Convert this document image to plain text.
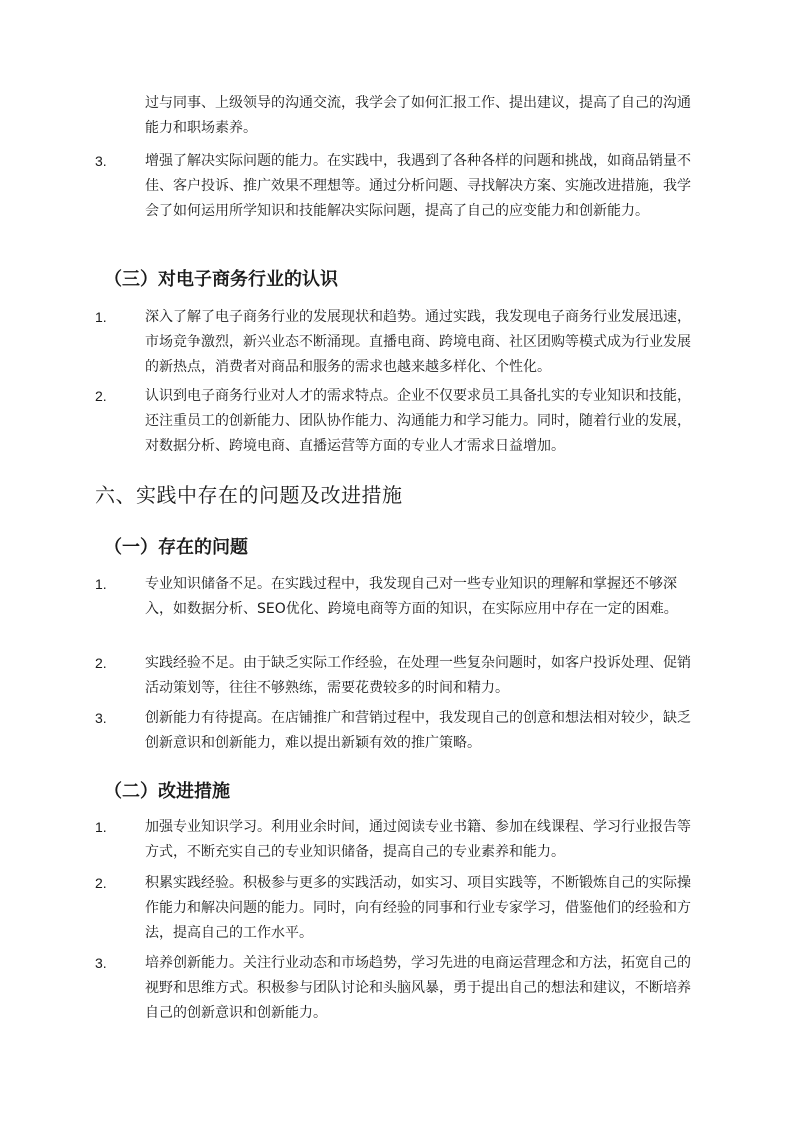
过与同事、上级领导的沟通交流，我学会了如何汇报工作、提出建议，提高了自己的沟通能力和职场素养。

3.	增强了解决实际问题的能力。在实践中，我遇到了各种各样的问题和挑战，如商品销量不佳、客户投诉、推广效果不理想等。通过分析问题、寻找解决方案、实施改进措施，我学会了如何运用所学知识和技能解决实际问题，提高了自己的应变能力和创新能力。

（三）对电子商务行业的认识
1.	深入了解了电子商务行业的发展现状和趋势。通过实践，我发现电子商务行业发展迅速，市场竞争激烈，新兴业态不断涌现。直播电商、跨境电商、社区团购等模式成为行业发展的新热点，消费者对商品和服务的需求也越来越多样化、个性化。

2.	认识到电子商务行业对人才的需求特点。企业不仅要求员工具备扎实的专业知识和技能，还注重员工的创新能力、团队协作能力、沟通能力和学习能力。同时，随着行业的发展，对数据分析、跨境电商、直播运营等方面的专业人才需求日益增加。

六、实践中存在的问题及改进措施
（一）存在的问题
1.	专业知识储备不足。在实践过程中，我发现自己对一些专业知识的理解和掌握还不够深入，如数据分析、SEO优化、跨境电商等方面的知识，在实际应用中存在一定的困难。

2.	实践经验不足。由于缺乏实际工作经验，在处理一些复杂问题时，如客户投诉处理、促销活动策划等，往往不够熟练，需要花费较多的时间和精力。

3.	创新能力有待提高。在店铺推广和营销过程中，我发现自己的创意和想法相对较少，缺乏创新意识和创新能力，难以提出新颖有效的推广策略。

（二）改进措施
1.	加强专业知识学习。利用业余时间，通过阅读专业书籍、参加在线课程、学习行业报告等方式，不断充实自己的专业知识储备，提高自己的专业素养和能力。

2.	积累实践经验。积极参与更多的实践活动，如实习、项目实践等，不断锻炼自己的实际操作能力和解决问题的能力。同时，向有经验的同事和行业专家学习，借鉴他们的经验和方法，提高自己的工作水平。

3.	培养创新能力。关注行业动态和市场趋势，学习先进的电商运营理念和方法，拓宽自己的视野和思维方式。积极参与团队讨论和头脑风暴，勇于提出自己的想法和建议，不断培养自己的创新意识和创新能力。
